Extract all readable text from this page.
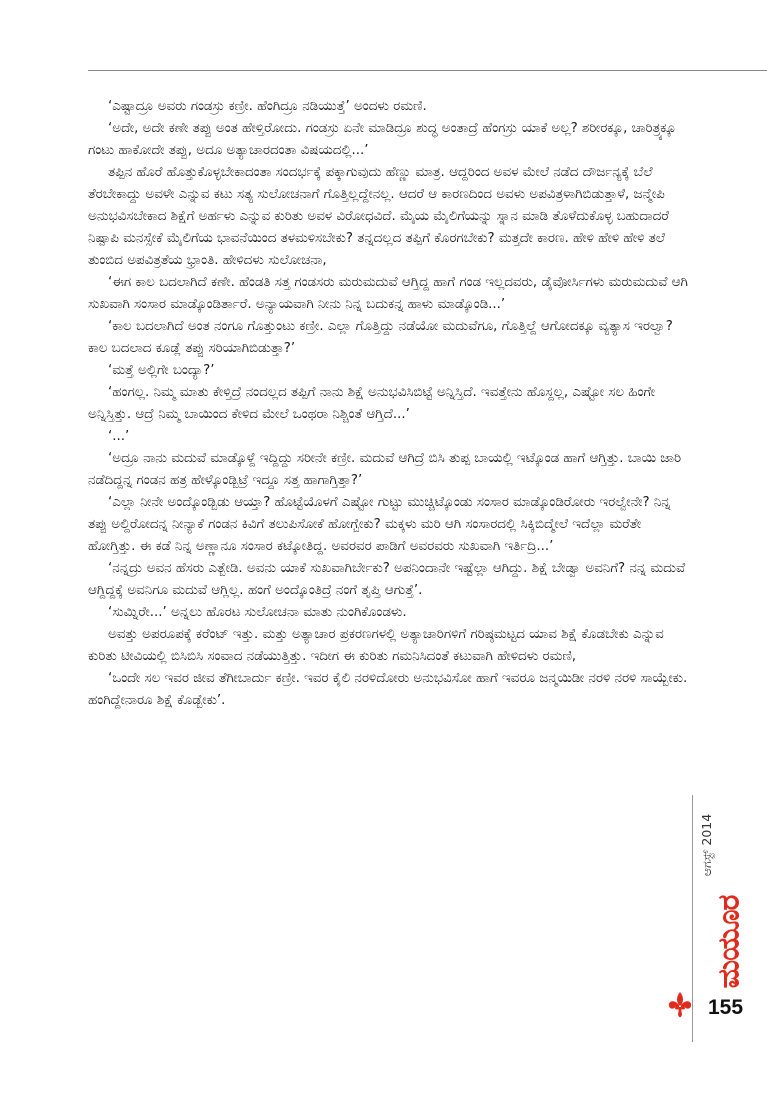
‘ಎಷ್ಟಾದ್ರೂ ಅವರು ಗಂಡಸ್ರು ಕಣ್ರೀ. ಹೆಂಗಿದ್ರೂ ನಡಿಯುತ್ತೆ’ ಅಂದಳು ರಮಣಿ.

‘ಅದೇ, ಅದೇ ಕಣೇ ತಪ್ಪು ಅಂತ ಹೇಳ್ತಿರೋದು. ಗಂಡಸ್ರು ಏನೇ ಮಾಡಿದ್ರೂ ಶುದ್ಧ ಅಂತಾದ್ರೆ ಹೆಂಗಸ್ರು ಯಾಕೆ ಅಲ್ಲ? ಶರೀರಕ್ಕೂ, ಚಾರಿತ್ರ್ಯಕ್ಕೂ ಗಂಟು ಹಾಕೋದೇ ತಪ್ಪು, ಅದೂ ಅತ್ಯಾಚಾರದಂತಾ ವಿಷಯದಲ್ಲಿ...’

ತಪ್ಪಿನ ಹೊರೆ ಹೊತ್ತುಕೊಳ್ಳಬೇಕಾದಂತಾ ಸಂದರ್ಭಕ್ಕೆ ಪಕ್ಕಾಗುವುದು ಹೆಣ್ಣು ಮಾತ್ರ. ಆದ್ದರಿಂದ ಅವಳ ಮೇಲೆ ನಡೆದ ದೌರ್ಜನ್ಯಕ್ಕೆ ಬೆಲೆ ತೆರಬೇಕಾದ್ದು ಅವಳೇ ಎನ್ನುವ ಕಟು ಸತ್ಯ ಸುಲೋಚನಾಗೆ ಗೊತ್ತಿಲ್ಲದ್ದೇನಲ್ಲ. ಆದರೆ ಆ ಕಾರಣದಿಂದ ಅವಳು ಅಪವಿತ್ರಳಾಗಿಬಿಡುತ್ತಾಳೆ, ಜನ್ಮೇಪಿ ಅನುಭವಿಸಬೇಕಾದ ಶಿಕ್ಷೆಗೆ ಅರ್ಹಳು ಎನ್ನುವ ಕುರಿತು ಅವಳ ವಿರೋಧವಿದೆ. ಮೈಯ ಮೈಲಿಗೆಯನ್ನು ಸ್ನಾನ ಮಾಡಿ ತೊಳೆದುಕೊಳ್ಳ ಬಹುದಾದರೆ ನಿಷ್ಪಾಪಿ ಮನಸ್ಸೇಕೆ ಮೈಲಿಗೆಯ ಭಾವನೆಯಿಂದ ತಳಮಳಿಸಬೇಕು? ತನ್ನದಲ್ಲದ ತಪ್ಪಿಗೆ ಕೊರಗಬೇಕು? ಮತ್ತದೇ ಕಾರಣ. ಹೇಳಿ ಹೇಳಿ ಹೇಳಿ ತಲೆ ತುಂಬಿದ ಅಪವಿತ್ರತೆಯ ಭ್ರಾಂತಿ. ಹೇಳಿದಳು ಸುಲೋಚನಾ,

‘ಈಗ ಕಾಲ ಬದಲಾಗಿದೆ ಕಣೇ. ಹೆಂಡತಿ ಸತ್ತ ಗಂಡಸರು ಮರುಮದುವೆ ಆಗ್ತಿದ್ದ ಹಾಗೆ ಗಂಡ ಇಲ್ಲದವರು, ಡೈವೋರ್ಸಿಗಳು ಮರುಮದುವೆ ಆಗಿ ಸುಖವಾಗಿ ಸಂಸಾರ ಮಾಡ್ಕೊಂಡಿರ್ತಾರೆ. ಅನ್ಯಾಯವಾಗಿ ನೀನು ನಿನ್ನ ಬದುಕನ್ನ ಹಾಳು ಮಾಡ್ಕೊಂಡಿ...’

‘ಕಾಲ ಬದಲಾಗಿದೆ ಅಂತ ನಂಗೂ ಗೊತ್ತುಂಟು ಕಣ್ರೀ. ಎಲ್ಲಾ ಗೊತ್ತಿದ್ದು ನಡೆಯೋ ಮದುವೆಗೂ, ಗೊತ್ತಿಲ್ದೆ ಆಗೋದಕ್ಕೂ ವ್ಯತ್ಯಾಸ ಇರಲ್ವಾ? ಕಾಲ ಬದಲಾದ ಕೂಡ್ಲೆ ತಪ್ಪು ಸರಿಯಾಗಿಬಿಡುತ್ತಾ?’

‘ಮತ್ತೆ ಅಲ್ಲಿಗೇ ಬಂದ್ಯಾ?’

‘ಹಂಗಲ್ಲ. ನಿಮ್ಮ ಮಾತು ಕೇಳ್ತಿದ್ರೆ ನಂದಲ್ಲದ ತಪ್ಪಿಗೆ ನಾನು ಶಿಕ್ಷೆ ಅನುಭವಿಸಿಬಿಟ್ಟೆ ಅನ್ನಿಸ್ತಿದೆ. ಇವತ್ತೇನು ಹೊಸ್ದಲ್ಲ, ಎಷ್ಟೋ ಸಲ ಹಿಂಗೇ ಅನ್ನಿಸ್ತಿತ್ತು. ಆದ್ರೆ ನಿಮ್ಮ ಬಾಯಿಂದ ಕೇಳಿದ ಮೇಲೆ ಒಂಥರಾ ನಿಶ್ಚಿಂತೆ ಆಗ್ತಿದೆ...’

‘...’

‘ಅದ್ರೂ ನಾನು ಮದುವೆ ಮಾಡ್ಕೊಳ್ದೆ ಇದ್ದಿದ್ದು ಸರೀನೇ ಕಣ್ರೀ. ಮದುವೆ ಆಗಿದ್ರೆ ಬಿಸಿ ತುಪ್ಪ ಬಾಯಲ್ಲಿ ಇಟ್ಕೊಂಡ ಹಾಗೆ ಆಗ್ತಿತ್ತು. ಬಾಯಿ ಜಾರಿ ನಡೆದಿದ್ದನ್ನ ಗಂಡನ ಹತ್ರ ಹೇಳ್ಕೊಂಡ್ಬಿಟ್ರೆ ಇದ್ದೂ ಸತ್ತ ಹಾಗಾಗ್ತಿತ್ತಾ?’

‘ಎಲ್ಲಾ ನೀನೇ ಅಂದ್ಕೊಂಡ್ಬಿಡು ಆಯ್ತಾ? ಹೊಟ್ಟೆಯೊಳಗೆ ಎಷ್ಟೋ ಗುಟ್ಟು ಮುಚ್ಚಿಟ್ಕೊಂಡು ಸಂಸಾರ ಮಾಡ್ಕೊಂಡಿರೋರು ಇರಲ್ವೇನೇ? ನಿನ್ನ ತಪ್ಪು ಅಲ್ದಿರೋದನ್ನ ನೀನ್ಯಾಕೆ ಗಂಡನ ಕಿವಿಗೆ ತಲುಪಿಸೋಕೆ ಹೋಗ್ಬೇಕು? ಮಕ್ಕಳು ಮರಿ ಆಗಿ ಸಂಸಾರದಲ್ಲಿ ಸಿಕ್ಕಿಬಿದ್ಮೇಲೆ ಇದೆಲ್ಲಾ ಮರೆತೇ ಹೋಗ್ತಿತ್ತು. ಈ ಕಡೆ ನಿನ್ನ ಅಣ್ಣಾನೂ ಸಂಸಾರ ಕಟ್ಕೋತಿದ್ದ. ಅವರವರ ಪಾಡಿಗೆ ಅವರವರು ಸುಖವಾಗಿ ಇರ್ತಿದ್ರಿ...’

‘ನನ್ನದ್ರು ಅವನ ಹೆಸರು ಎತ್ಬೇಡಿ. ಅವನು ಯಾಕೆ ಸುಖವಾಗಿರ್ಬೇಕು? ಅಪನಿಂದಾನೇ ಇಷ್ಟೆಲ್ಲಾ ಆಗಿದ್ದು. ಶಿಕ್ಷೆ ಬೇಡ್ವಾ ಅವನಿಗೆ? ನನ್ನ ಮದುವೆ ಆಗ್ದಿದ್ದಕ್ಕೆ ಅವನಿಗೂ ಮದುವೆ ಆಗ್ಲಿಲ್ಲ. ಹಂಗೆ ಅಂದ್ಕೊಂತಿದ್ರೆ ನಂಗೆ ತೃಪ್ತಿ ಆಗುತ್ತೆ’.

‘ಸುಮ್ನಿರೇ...’ ಅನ್ನಲು ಹೊರಟ ಸುಲೋಚನಾ ಮಾತು ನುಂಗಿಕೊಂಡಳು.

ಅವತ್ತು ಅಪರೂಪಕ್ಕೆ ಕರೆಂಟ್ ಇತ್ತು. ಮತ್ತು ಅತ್ಯಾಚಾರ ಪ್ರಕರಣಗಳಲ್ಲಿ ಅತ್ಯಾಚಾರಿಗಳಿಗೆ ಗರಿಷ್ಠಮಟ್ಟದ ಯಾವ ಶಿಕ್ಷೆ ಕೊಡಬೇಕು ಎನ್ನುವ ಕುರಿತು ಟೀವಿಯಲ್ಲಿ ಬಿಸಿಬಿಸಿ ಸಂವಾದ ನಡೆಯುತ್ತಿತ್ತು. ಇದೀಗ ಈ ಕುರಿತು ಗಮನಿಸಿದಂತೆ ಕಟುವಾಗಿ ಹೇಳಿದಳು ರಮಣಿ,

‘ಒಂದೇ ಸಲ ಇವರ ಜೀವ ತೆಗೀಬಾರ್ದು ಕಣ್ರೀ. ಇವರ ಕೈಲಿ ನರಳಿದೋರು ಅನುಭವಿಸೋ ಹಾಗೆ ಇವರೂ ಜನ್ಮಯಿಡೀ ನರಳಿ ನರಳಿ ಸಾಯ್ಬೇಕು. ಹಂಗಿದ್ದೇನಾರೂ ಶಿಕ್ಷೆ ಕೊಡ್ಬೇಕು’.

ಆಗಸ್ಟ್ 2014
ಮಯೂರ
155
